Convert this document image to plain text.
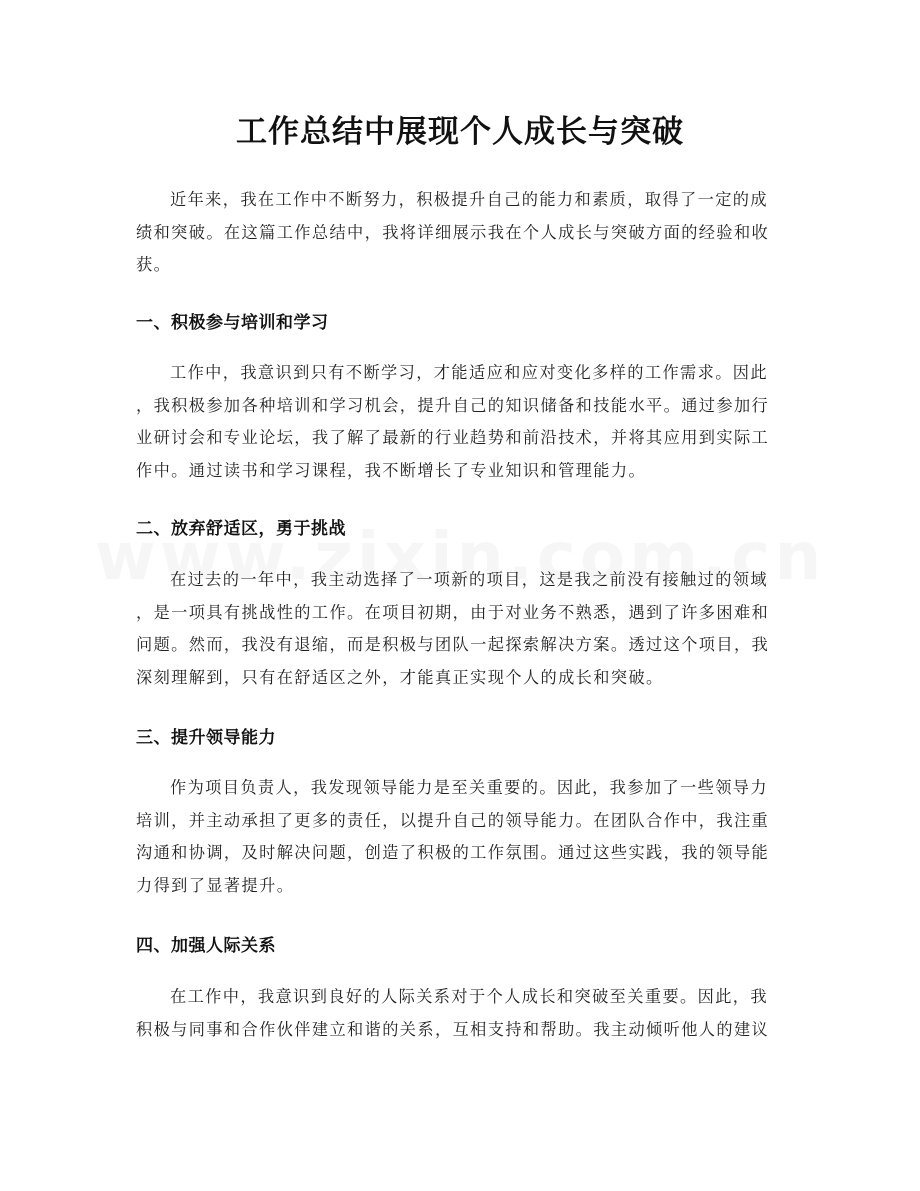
工作总结中展现个人成长与突破

近年来，我在工作中不断努力，积极提升自己的能力和素质，取得了一定的成
绩和突破。在这篇工作总结中，我将详细展示我在个人成长与突破方面的经验和收
获。

一、积极参与培训和学习

工作中，我意识到只有不断学习，才能适应和应对变化多样的工作需求。因此
，我积极参加各种培训和学习机会，提升自己的知识储备和技能水平。通过参加行
业研讨会和专业论坛，我了解了最新的行业趋势和前沿技术，并将其应用到实际工
作中。通过读书和学习课程，我不断增长了专业知识和管理能力。

二、放弃舒适区，勇于挑战

在过去的一年中，我主动选择了一项新的项目，这是我之前没有接触过的领域
，是一项具有挑战性的工作。在项目初期，由于对业务不熟悉，遇到了许多困难和
问题。然而，我没有退缩，而是积极与团队一起探索解决方案。透过这个项目，我
深刻理解到，只有在舒适区之外，才能真正实现个人的成长和突破。

三、提升领导能力

作为项目负责人，我发现领导能力是至关重要的。因此，我参加了一些领导力
培训，并主动承担了更多的责任，以提升自己的领导能力。在团队合作中，我注重
沟通和协调，及时解决问题，创造了积极的工作氛围。通过这些实践，我的领导能
力得到了显著提升。

四、加强人际关系

在工作中，我意识到良好的人际关系对于个人成长和突破至关重要。因此，我
积极与同事和合作伙伴建立和谐的关系，互相支持和帮助。我主动倾听他人的建议
